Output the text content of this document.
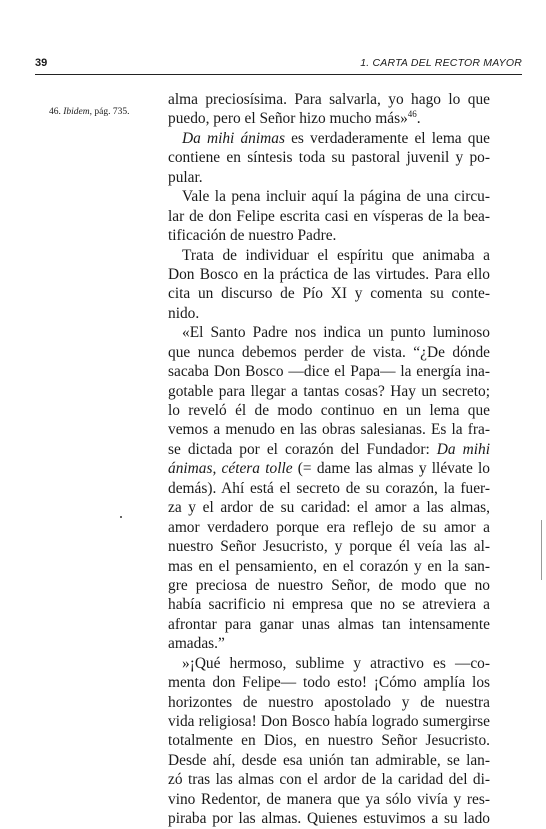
39	1. CARTA DEL RECTOR MAYOR
46. Ibidem, pág. 735.
alma preciosísima. Para salvarla, yo hago lo que
puedo, pero el Señor hizo mucho más»$^{46}$.
Da mihi ánimas es verdaderamente el lema que
contiene en síntesis toda su pastoral juvenil y po-
pular.
Vale la pena incluir aquí la página de una circu-
lar de don Felipe escrita casi en vísperas de la bea-
tificación de nuestro Padre.
Trata de individuar el espíritu que animaba a
Don Bosco en la práctica de las virtudes. Para ello
cita un discurso de Pío XI y comenta su conte-
nido.
«El Santo Padre nos indica un punto luminoso
que nunca debemos perder de vista. “¿De dónde
sacaba Don Bosco —dice el Papa— la energía ina-
gotable para llegar a tantas cosas? Hay un secreto;
lo reveló él de modo continuo en un lema que
vemos a menudo en las obras salesianas. Es la fra-
se dictada por el corazón del Fundador: Da mihi
ánimas, cétera tolle (= dame las almas y llévate lo
demás). Ahí está el secreto de su corazón, la fuer-
za y el ardor de su caridad: el amor a las almas,
amor verdadero porque era reflejo de su amor a
nuestro Señor Jesucristo, y porque él veía las al-
mas en el pensamiento, en el corazón y en la san-
gre preciosa de nuestro Señor, de modo que no
había sacrificio ni empresa que no se atreviera a
afrontar para ganar unas almas tan intensamente
amadas.”
»¡Qué hermoso, sublime y atractivo es —co-
menta don Felipe— todo esto! ¡Cómo amplía los
horizontes de nuestro apostolado y de nuestra
vida religiosa! Don Bosco había logrado sumergirse
totalmente en Dios, en nuestro Señor Jesucristo.
Desde ahí, desde esa unión tan admirable, se lan-
zó tras las almas con el ardor de la caridad del di-
vino Redentor, de manera que ya sólo vivía y res-
piraba por las almas. Quienes estuvimos a su lado
